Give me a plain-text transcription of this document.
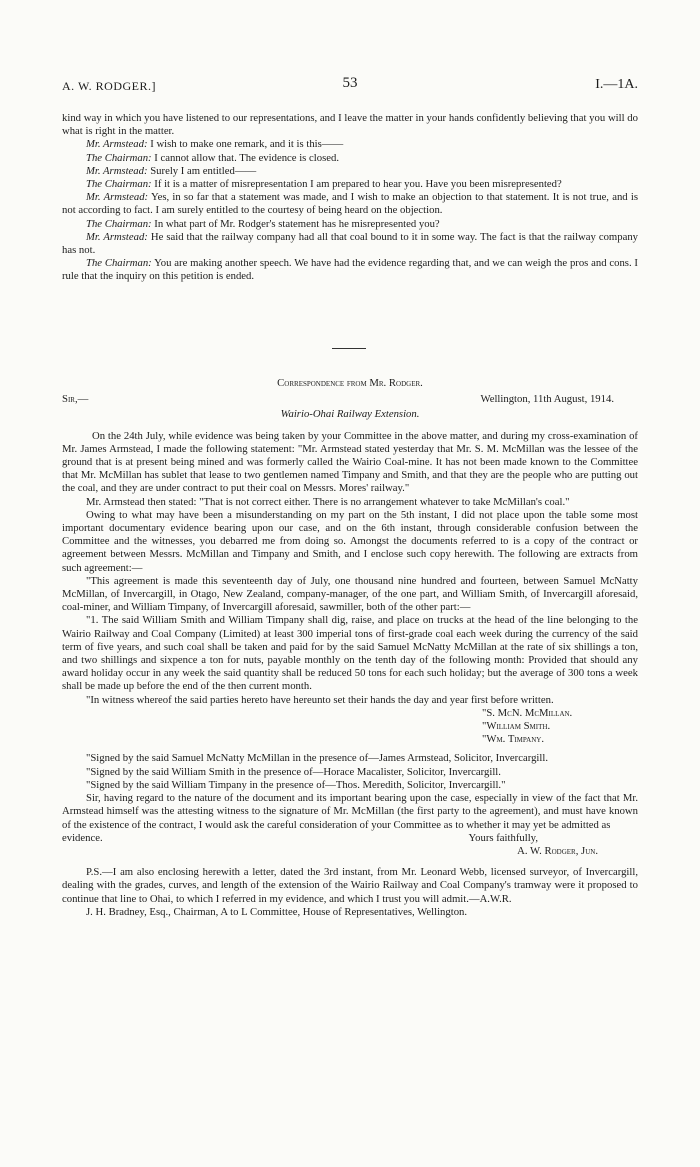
A. W. RODGER.]	53	I.—1A.

kind way in which you have listened to our representations, and I leave the matter in your hands confidently believing that you will do what is right in the matter.

Mr. Armstead: I wish to make one remark, and it is this——

The Chairman: I cannot allow that. The evidence is closed.

Mr. Armstead: Surely I am entitled——

The Chairman: If it is a matter of misrepresentation I am prepared to hear you. Have you been misrepresented?

Mr. Armstead: Yes, in so far that a statement was made, and I wish to make an objection to that statement. It is not true, and is not according to fact. I am surely entitled to the courtesy of being heard on the objection.

The Chairman: In what part of Mr. Rodger's statement has he misrepresented you?

Mr. Armstead: He said that the railway company had all that coal bound to it in some way. The fact is that the railway company has not.

The Chairman: You are making another speech. We have had the evidence regarding that, and we can weigh the pros and cons. I rule that the inquiry on this petition is ended.

Correspondence from Mr. Rodger.

Sir,—	Wellington, 11th August, 1914.

Wairio-Ohai Railway Extension.

On the 24th July, while evidence was being taken by your Committee in the above matter, and during my cross-examination of Mr. James Armstead, I made the following statement: "Mr. Armstead stated yesterday that Mr. S. M. McMillan was the lessee of the ground that is at present being mined and was formerly called the Wairio Coal-mine. It has not been made known to the Committee that Mr. McMillan has sublet that lease to two gentlemen named Timpany and Smith, and that they are the people who are putting out the coal, and they are under contract to put their coal on Messrs. Mores' railway."

Mr. Armstead then stated: "That is not correct either. There is no arrangement whatever to take McMillan's coal."

Owing to what may have been a misunderstanding on my part on the 5th instant, I did not place upon the table some most important documentary evidence bearing upon our case, and on the 6th instant, through considerable confusion between the Committee and the witnesses, you debarred me from doing so. Amongst the documents referred to is a copy of the contract or agreement between Messrs. McMillan and Timpany and Smith, and I enclose such copy herewith. The following are extracts from such agreement:—

"This agreement is made this seventeenth day of July, one thousand nine hundred and fourteen, between Samuel McNatty McMillan, of Invercargill, in Otago, New Zealand, company-manager, of the one part, and William Smith, of Invercargill aforesaid, coal-miner, and William Timpany, of Invercargill aforesaid, sawmiller, both of the other part:—

"1. The said William Smith and William Timpany shall dig, raise, and place on trucks at the head of the line belonging to the Wairio Railway and Coal Company (Limited) at least 300 imperial tons of first-grade coal each week during the currency of the said term of five years, and such coal shall be taken and paid for by the said Samuel McNatty McMillan at the rate of six shillings a ton, and two shillings and sixpence a ton for nuts, payable monthly on the tenth day of the following month: Provided that should any award holiday occur in any week the said quantity shall be reduced 50 tons for each such holiday; but the average of 300 tons a week shall be made up before the end of the then current month.

"In witness whereof the said parties hereto have hereunto set their hands the day and year first before written.

"S. McN. McMillan.

"William Smith.

"Wm. Timpany.

"Signed by the said Samuel McNatty McMillan in the presence of—James Armstead, Solicitor, Invercargill.

"Signed by the said William Smith in the presence of—Horace Macalister, Solicitor, Invercargill.

"Signed by the said William Timpany in the presence of—Thos. Meredith, Solicitor, Invercargill."

Sir, having regard to the nature of the document and its important bearing upon the case, especially in view of the fact that Mr. Armstead himself was the attesting witness to the signature of Mr. McMillan (the first party to the agreement), and must have known of the existence of the contract, I would ask the careful consideration of your Committee as to whether it may yet be admitted as

evidence.	Yours faithfully,

A. W. Rodger, Jun.

P.S.—I am also enclosing herewith a letter, dated the 3rd instant, from Mr. Leonard Webb, licensed surveyor, of Invercargill, dealing with the grades, curves, and length of the extension of the Wairio Railway and Coal Company's tramway were it proposed to continue that line to Ohai, to which I referred in my evidence, and which I trust you will admit.—A.W.R.

J. H. Bradney, Esq., Chairman, A to L Committee, House of Representatives, Wellington.
